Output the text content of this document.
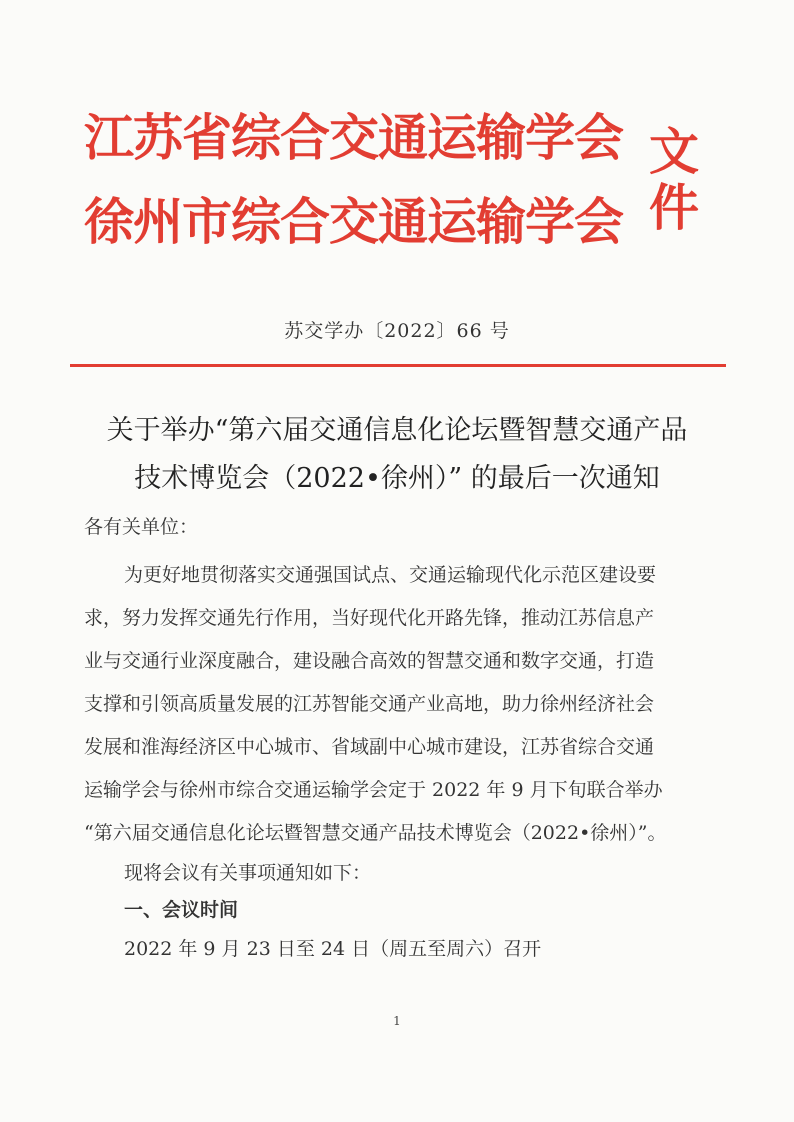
江苏省综合交通运输学会
徐州市综合交通运输学会
文件
苏交学办〔2022〕66 号
关于举办“第六届交通信息化论坛暨智慧交通产品
技术博览会（2022•徐州）” 的最后一次通知
各有关单位：
为更好地贯彻落实交通强国试点、交通运输现代化示范区建设要
求，努力发挥交通先行作用，当好现代化开路先锋，推动江苏信息产
业与交通行业深度融合，建设融合高效的智慧交通和数字交通，打造
支撑和引领高质量发展的江苏智能交通产业高地，助力徐州经济社会
发展和淮海经济区中心城市、省域副中心城市建设，江苏省综合交通
运输学会与徐州市综合交通运输学会定于 2022 年 9 月下旬联合举办
“第六届交通信息化论坛暨智慧交通产品技术博览会（2022•徐州）”。
现将会议有关事项通知如下：
一、会议时间
2022 年 9 月 23 日至 24 日（周五至周六）召开
1
